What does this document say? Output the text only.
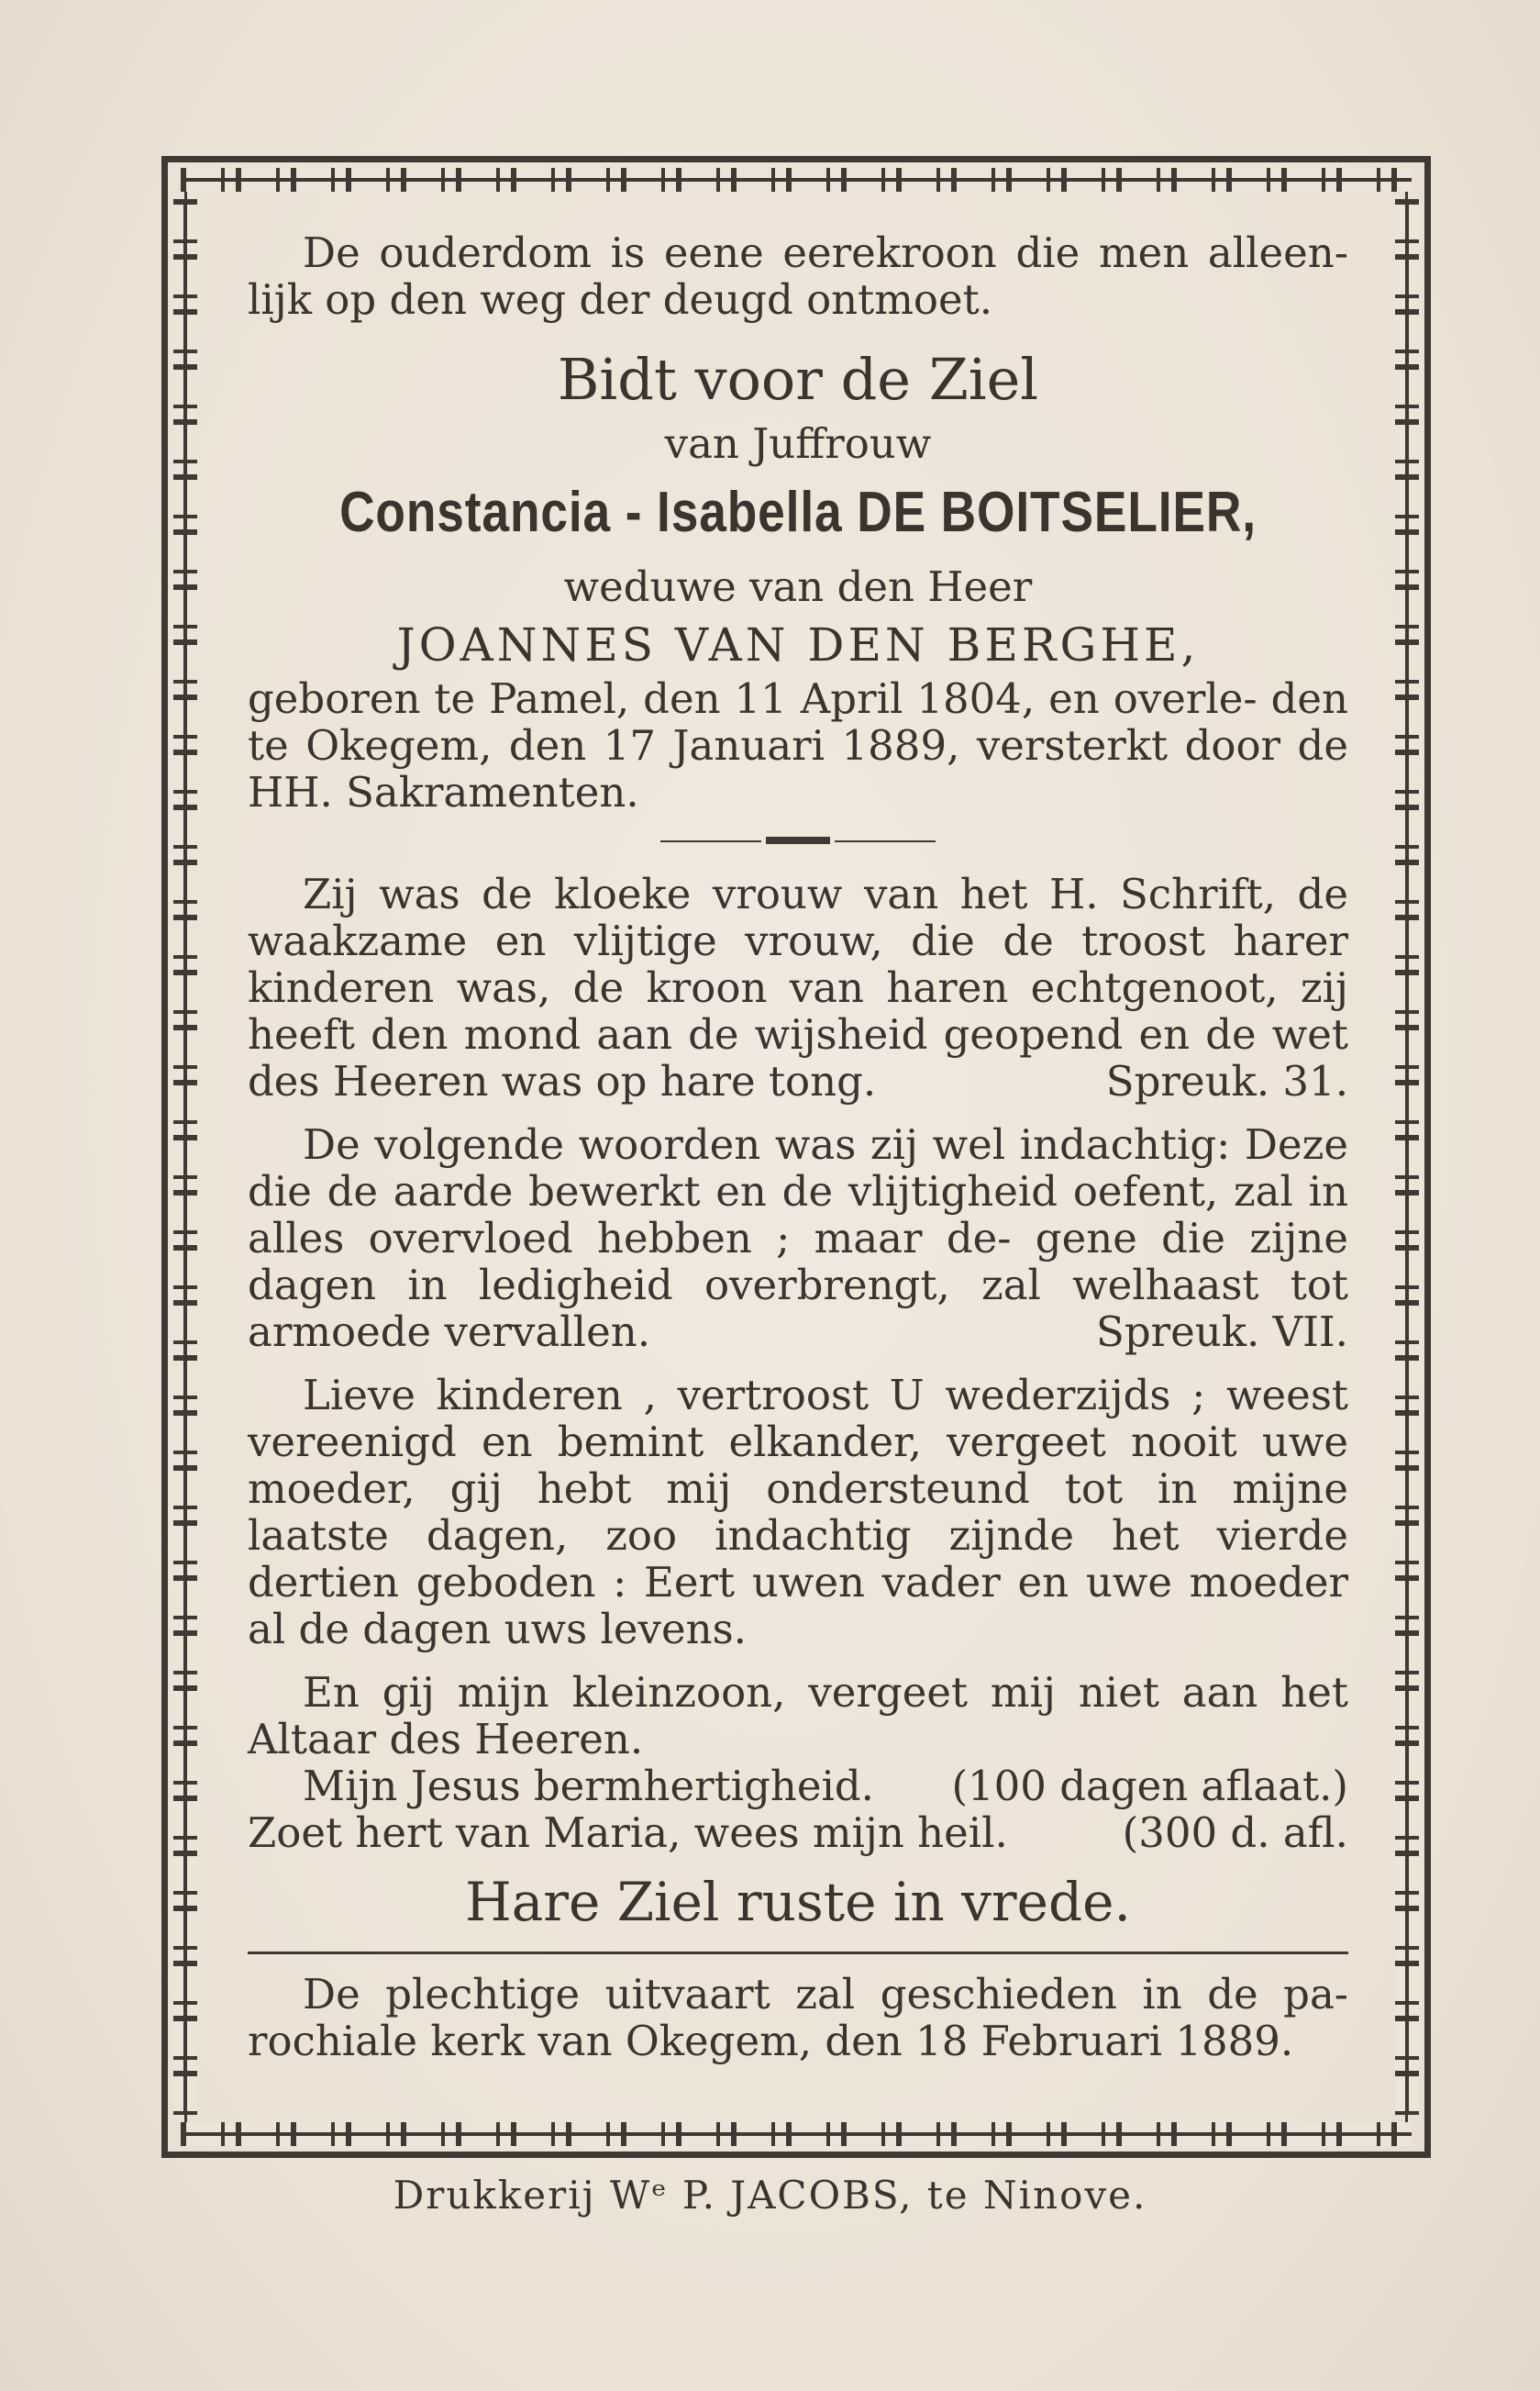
De ouderdom is eene eerekroon die men alleen- lijk op den weg der deugd ontmoet.

Bidt voor de Ziel
van Juffrouw
Constancia - Isabella DE BOITSELIER,
weduwe van den Heer
JOANNES VAN DEN BERGHE,

geboren te Pamel, den 11 April 1804, en overle- den te Okegem, den 17 Januari 1889, versterkt door de HH. Sakramenten.

Zij was de kloeke vrouw van het H. Schrift, de waakzame en vlijtige vrouw, die de troost harer kinderen was, de kroon van haren echtgenoot, zij heeft den mond aan de wijsheid geopend en de wet des Heeren was op hare tong.	Spreuk. 31.

De volgende woorden was zij wel indachtig: Deze die de aarde bewerkt en de vlijtigheid oefent, zal in alles overvloed hebben ; maar de- gene die zijne dagen in ledigheid overbrengt, zal welhaast tot armoede vervallen.	Spreuk. VII.

Lieve kinderen , vertroost U wederzijds ; weest vereenigd en bemint elkander, vergeet nooit uwe moeder, gij hebt mij ondersteund tot in mijne laatste dagen, zoo indachtig zijnde het vierde dertien geboden : Eert uwen vader en uwe moeder al de dagen uws levens.

En gij mijn kleinzoon, vergeet mij niet aan het Altaar des Heeren.

Mijn Jesus bermhertigheid.	(100 dagen aflaat.)

Zoet hert van Maria, wees mijn heil.	(300 d. afl.

Hare Ziel ruste in vrede.

De plechtige uitvaart zal geschieden in de pa- rochiale kerk van Okegem, den 18 Februari 1889.

Drukkerij Wᵉ P. JACOBS, te Ninove.
